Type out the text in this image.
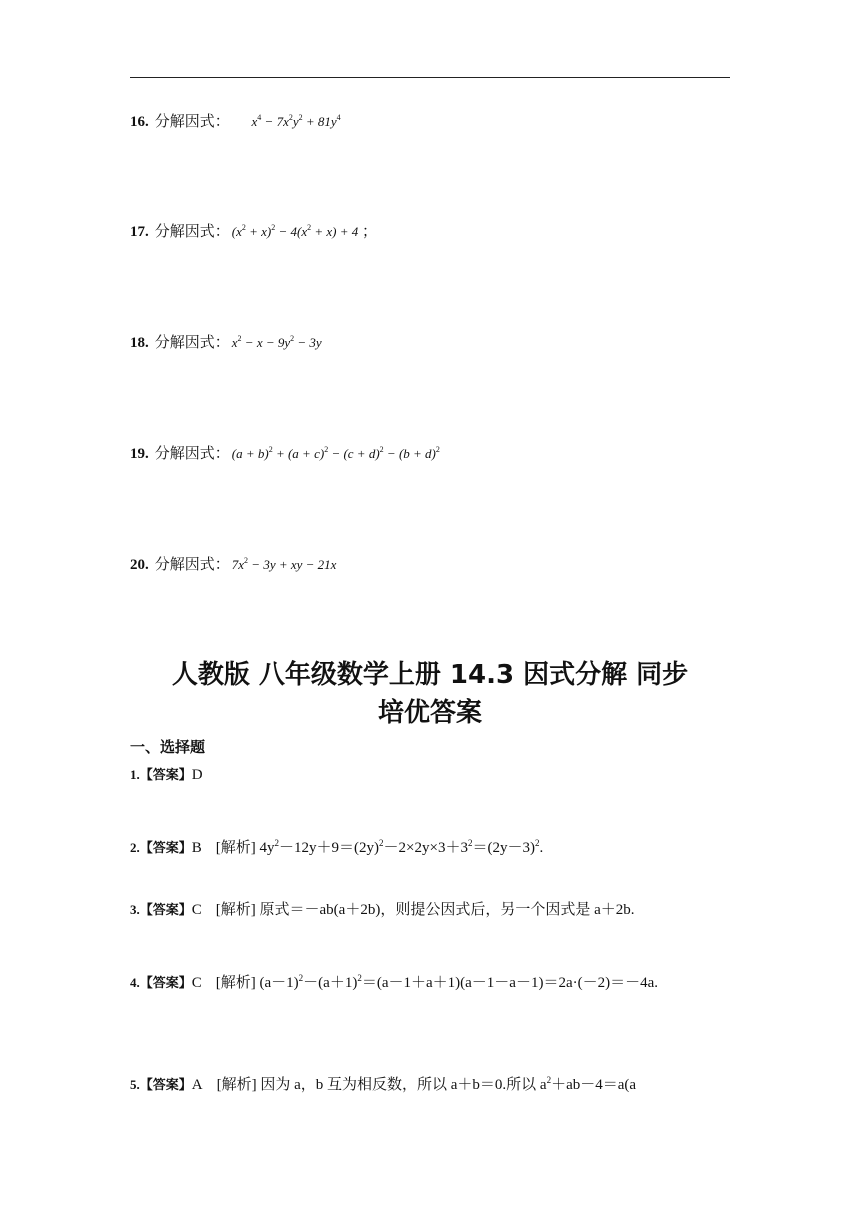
16. 分解因式： $x^4 - 7x^2y^2 + 81y^4$
17. 分解因式： $(x^2 + x)^2 - 4(x^2 + x) + 4$ ；
18. 分解因式： $x^2 - x - 9y^2 - 3y$
19. 分解因式： $(a + b)^2 + (a + c)^2 - (c + d)^2 - (b + d)^2$
20. 分解因式： $7x^2 - 3y$ + xy − 21x
人教版 八年级数学上册 14.3 因式分解 同步
培优答案
一、选择题
1.【答案】D
2.【答案】B [解析] $4y^2-12y+9=(2y)^2-2\times 2y\times 3+3^2=(2y-3)^2$.
3.【答案】C [解析] 原式＝－ab(a＋2b)，则提公因式后，另一个因式是 a＋2b.
4.【答案】C [解析] $(a-1)^2-(a+1)^2=(a-1+a+1)(a-1-a-1)=2a\cdot(-2)=-4a$.
5.【答案】A [解析] 因为 a，b 互为相反数，所以 a＋b＝0.所以 $a^2+ab-4=a(a$
